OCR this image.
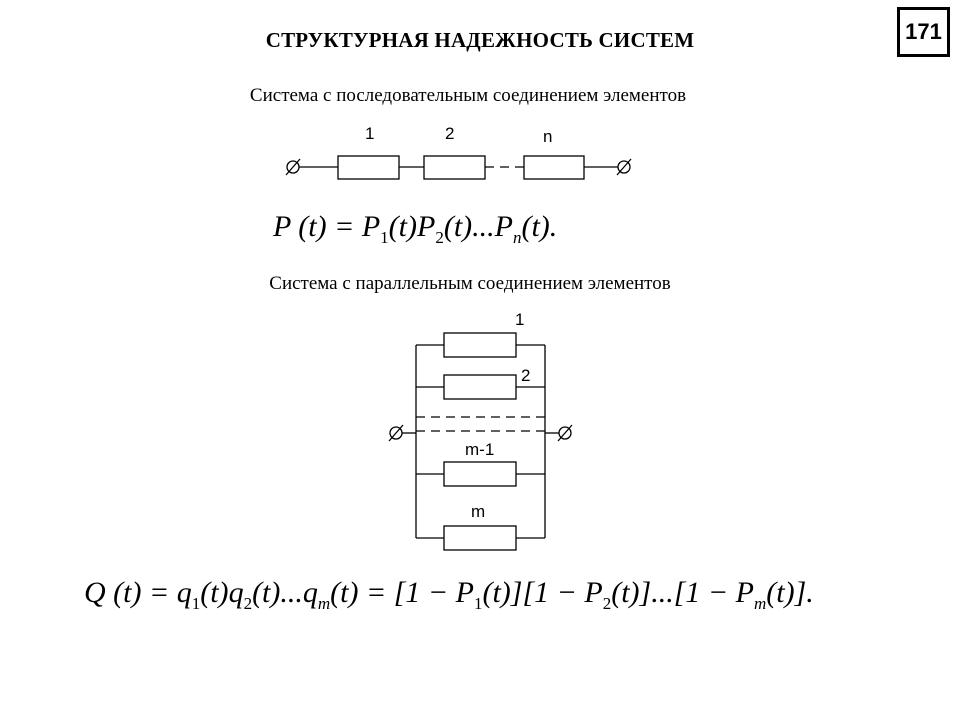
171
СТРУКТУРНАЯ НАДЕЖНОСТЬ СИСТЕМ
Система с последовательным соединением элементов
1	2	n
1
2
m-1
m
P $(t) = P_1(t)P_2(t)...P_n(t)$.
Система с параллельным соединением элементов
Q $(t) = q_1(t)q_2(t)...q_m(t) = [1 - P_1(t)][1 - P_2(t)]...[1 - P_m(t)]$.
